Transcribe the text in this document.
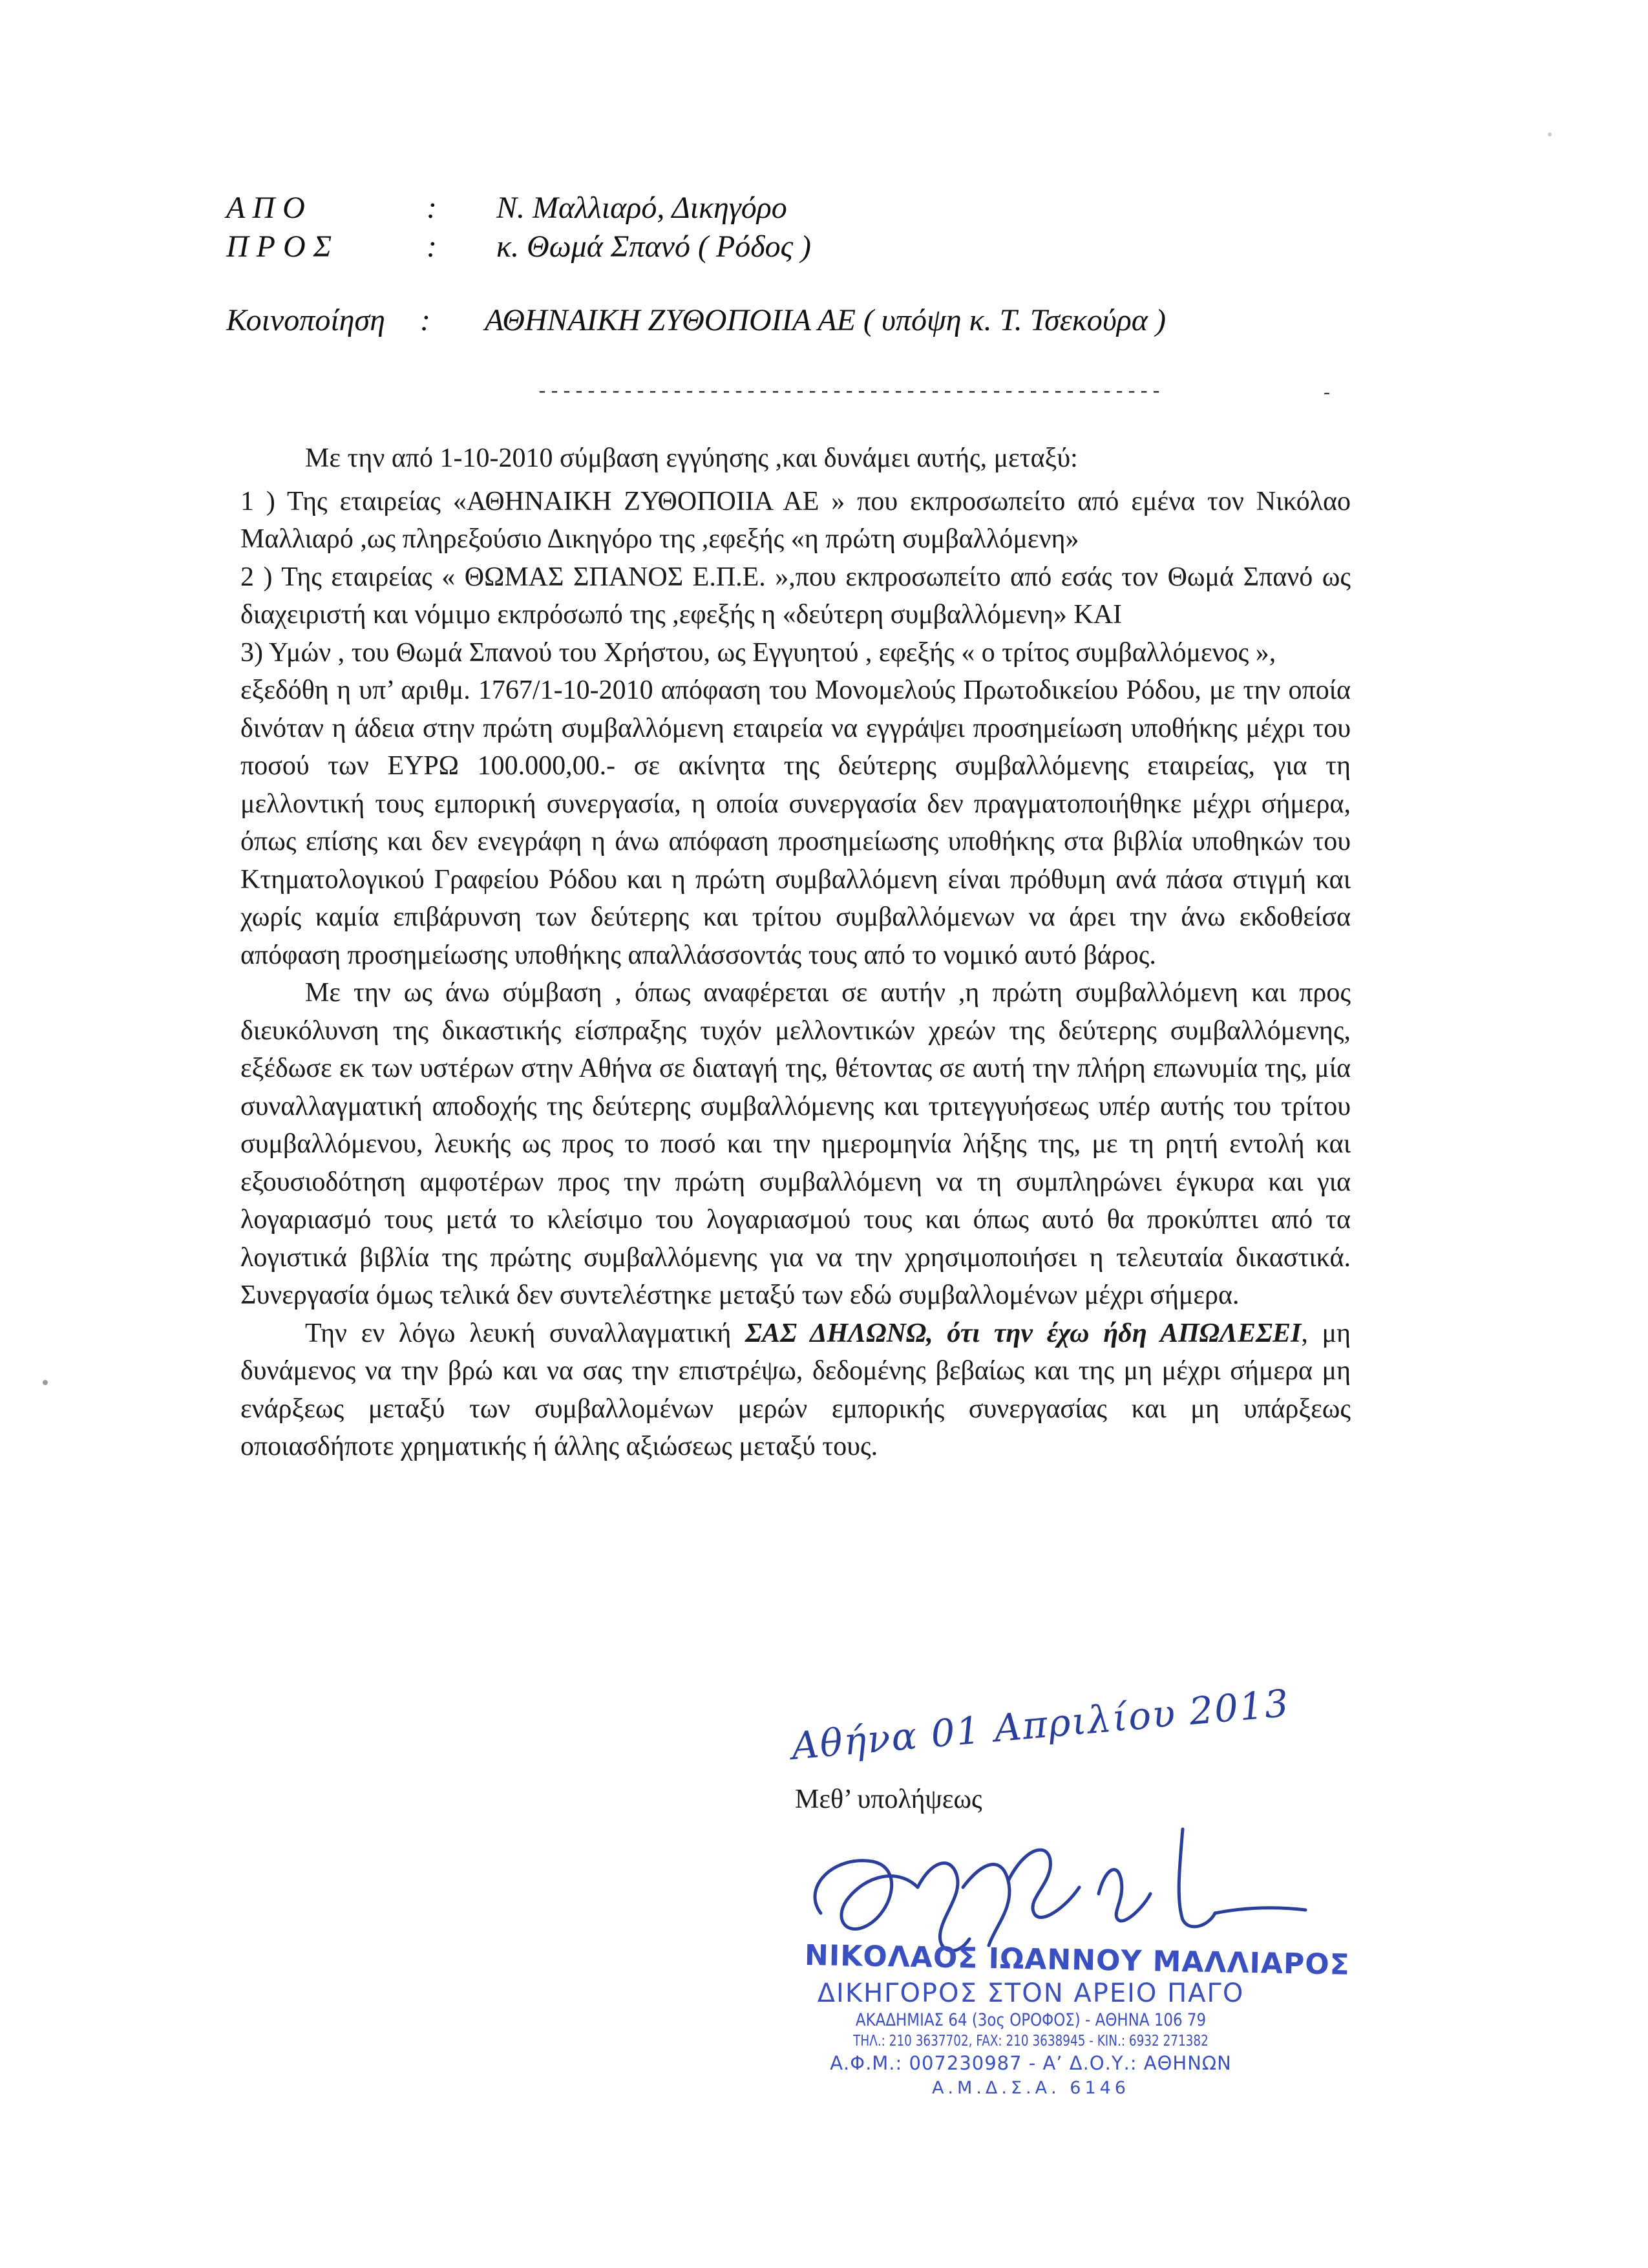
Α Π Ο	: Ν. Μαλλιαρό, Δικηγόρο
Π Ρ Ο Σ	: κ. Θωμά Σπανό ( Ρόδος )
Κοινοποίηση : ΑΘΗΝΑΙΚΗ ΖΥΘΟΠΟΙΙΑ ΑΕ ( υπόψη κ. Τ. Τσεκούρα )
---------------------------------------------------	-

Με την από 1-10-2010 σύμβαση εγγύησης ,και δυνάμει αυτής, μεταξύ:

1 ) Της εταιρείας «ΑΘΗΝΑΙΚΗ ΖΥΘΟΠΟΙΙΑ ΑΕ » που εκπροσωπείτο από εμένα τον Νικόλαο Μαλλιαρό ,ως πληρεξούσιο Δικηγόρο της ,εφεξής «η πρώτη συμβαλλόμενη»

2 ) Της εταιρείας « ΘΩΜΑΣ ΣΠΑΝΟΣ Ε.Π.Ε. »,που εκπροσωπείτο από εσάς τον Θωμά Σπανό ως διαχειριστή και νόμιμο εκπρόσωπό της ,εφεξής η «δεύτερη συμβαλλόμενη» ΚΑΙ

3) Υμών , του Θωμά Σπανού του Χρήστου, ως Εγγυητού , εφεξής « ο τρίτος συμβαλλόμενος »,

εξεδόθη η υπ’ αριθμ. 1767/1-10-2010 απόφαση του Μονομελούς Πρωτοδικείου Ρόδου, με την οποία δινόταν η άδεια στην πρώτη συμβαλλόμενη εταιρεία να εγγράψει προσημείωση υποθήκης μέχρι του ποσού των ΕΥΡΩ 100.000,00.- σε ακίνητα της δεύτερης συμβαλλόμενης εταιρείας, για τη μελλοντική τους εμπορική συνεργασία, η οποία συνεργασία δεν πραγματοποιήθηκε μέχρι σήμερα, όπως επίσης και δεν ενεγράφη η άνω απόφαση προσημείωσης υποθήκης στα βιβλία υποθηκών του Κτηματολογικού Γραφείου Ρόδου και η πρώτη συμβαλλόμενη είναι πρόθυμη ανά πάσα στιγμή και χωρίς καμία επιβάρυνση των δεύτερης και τρίτου συμβαλλόμενων να άρει την άνω εκδοθείσα απόφαση προσημείωσης υποθήκης απαλλάσσοντάς τους από το νομικό αυτό βάρος.

Με την ως άνω σύμβαση , όπως αναφέρεται σε αυτήν ,η πρώτη συμβαλλόμενη και προς διευκόλυνση της δικαστικής είσπραξης τυχόν μελλοντικών χρεών της δεύτερης συμβαλλόμενης, εξέδωσε εκ των υστέρων στην Αθήνα σε διαταγή της, θέτοντας σε αυτή την πλήρη επωνυμία της, μία συναλλαγματική αποδοχής της δεύτερης συμβαλλόμενης και τριτεγγυήσεως υπέρ αυτής του τρίτου συμβαλλόμενου, λευκής ως προς το ποσό και την ημερομηνία λήξης της, με τη ρητή εντολή και εξουσιοδότηση αμφοτέρων προς την πρώτη συμβαλλόμενη να τη συμπληρώνει έγκυρα και για λογαριασμό τους μετά το κλείσιμο του λογαριασμού τους και όπως αυτό θα προκύπτει από τα λογιστικά βιβλία της πρώτης συμβαλλόμενης για να την χρησιμοποιήσει η τελευταία δικαστικά. Συνεργασία όμως τελικά δεν συντελέστηκε μεταξύ των εδώ συμβαλλομένων μέχρι σήμερα.

Την εν λόγω λευκή συναλλαγματική ΣΑΣ ΔΗΛΩΝΩ, ότι την έχω ήδη ΑΠΩΛΕΣΕΙ, μη δυνάμενος να την βρώ και να σας την επιστρέψω, δεδομένης βεβαίως και της μη μέχρι σήμερα μη ενάρξεως μεταξύ των συμβαλλομένων μερών εμπορικής συνεργασίας και μη υπάρξεως οποιασδήποτε χρηματικής ή άλλης αξιώσεως μεταξύ τους.

Αθήνα 01 Απριλίου 2013
Μεθ’ υπολήψεως
ΝΙΚΟΛΑΟΣ ΙΩΑΝΝΟΥ ΜΑΛΛΙΑΡΟΣ
ΔΙΚΗΓΟΡΟΣ ΣΤΟΝ ΑΡΕΙΟ ΠΑΓΟ
ΑΚΑΔΗΜΙΑΣ 64 (3ος ΟΡΟΦΟΣ) - ΑΘΗΝΑ 106 79
ΤΗΛ.: 210 3637702, FAX: 210 3638945 - ΚΙΝ.: 6932 271382
Α.Φ.Μ.: 007230987 - Α’ Δ.Ο.Υ.: ΑΘΗΝΩΝ
Α.Μ.Δ.Σ.Α. 6146
